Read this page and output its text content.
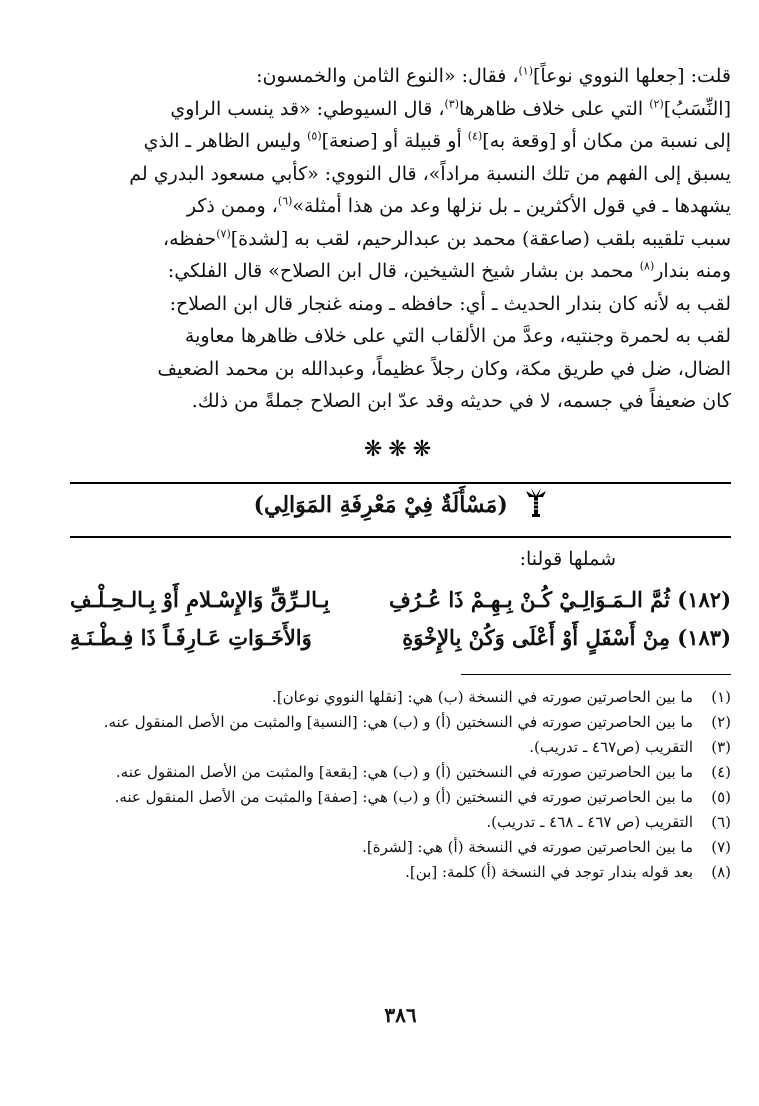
قلت: [جعلها النووي نوعاً]$^{(١)}$، فقال: «النوع الثامن والخمسون:

[النِّسَبُ]$^{(٢)}$ التي على خلاف ظاهرها$^{(٣)}$، قال السيوطي: «قد ينسب الراوي

إلى نسبة من مكان أو [وقعة به]$^{(٤)}$ أو قبيلة أو [صنعة]$^{(٥)}$ وليس الظاهر ـ الذي

يسبق إلى الفهم من تلك النسبة مراداً»، قال النووي: «كأبي مسعود البدري لم

يشهدها ـ في قول الأكثرين ـ بل نزلها وعد من هذا أمثلة»$^{(٦)}$، وممن ذكر

سبب تلقيبه بلقب (صاعقة) محمد بن عبدالرحيم، لقب به [لشدة]$^{(٧)}$حفظه،

ومنه بندار$^{(٨)}$ محمد بن بشار شيخ الشيخين، قال ابن الصلاح» قال الفلكي:

لقب به لأنه كان بندار الحديث ـ أي: حافظه ـ ومنه غنجار قال ابن الصلاح:

لقب به لحمرة وجنتيه، وعدَّ من الألقاب التي على خلاف ظاهرها معاوية

الضال، ضل في طريق مكة، وكان رجلاً عظيماً، وعبدالله بن محمد الضعيف

كان ضعيفاً في جسمه، لا في حديثه وقد عدّ ابن الصلاح جملةً من ذلك.

❋❋❋
(مَسْأَلَةٌ فِيْ مَعْرِفَةِ المَوَالِي)
شملها قولنا:
(١٨٢) ثُمَّ الـمَـوَالِـيْ كُـنْ بِـهِـمْ ذَا عُـرُفِ
بِـالـرِّقِّ وَالإِسْـلامِ أَوْ بِـالـحِـلْـفِ
(١٨٣) مِنْ أَسْفَلٍ أَوْ أَعْلَى وَكُنْ بِالإِخْوَةِ
وَالأَخَـوَاتِ عَـارِفَـاً ذَا فِـطْـنَـةِ
(١)
ما بين الحاصرتين صورته في النسخة (ب) هي: [نقلها النووي نوعان].
(٢)
ما بين الحاصرتين صورته في النسختين (أ) و (ب) هي: [النسبة] والمثبت من الأصل المنقول عنه.
(٣)
التقريب (ص٤٦٧ ـ تدريب).
(٤)
ما بين الحاصرتين صورته في النسختين (أ) و (ب) هي: [بقعة] والمثبت من الأصل المنقول عنه.
(٥)
ما بين الحاصرتين صورته في النسختين (أ) و (ب) هي: [صفة] والمثبت من الأصل المنقول عنه.
(٦)
التقريب (ص ٤٦٧ ـ ٤٦٨ ـ تدريب).
(٧)
ما بين الحاصرتين صورته في النسخة (أ) هي: [لشرة].
(٨)
بعد قوله بندار توجد في النسخة (أ) كلمة: [بن].
٣٨٦
